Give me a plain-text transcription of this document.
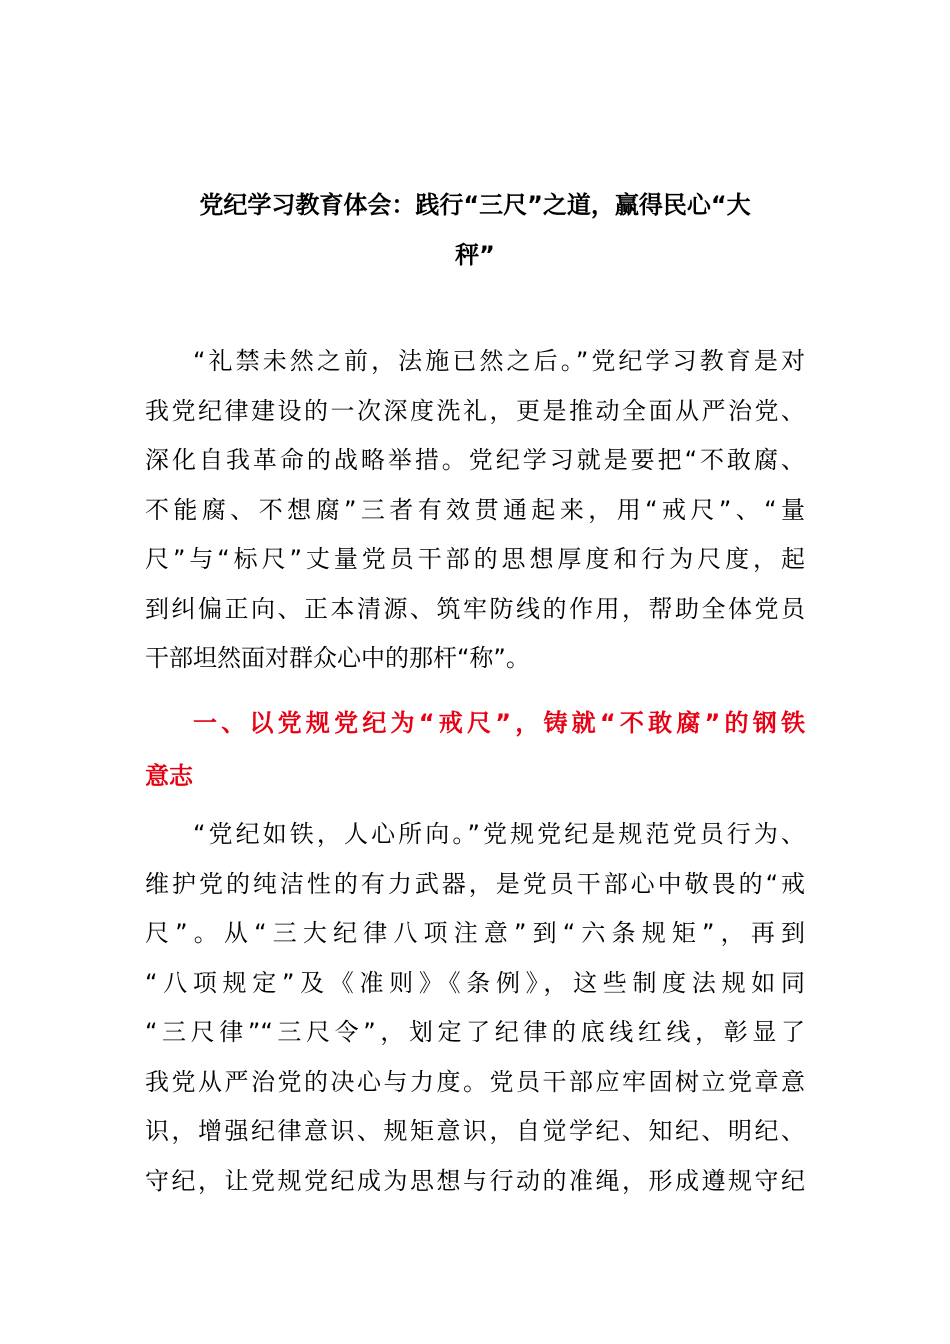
党纪学习教育体会：践行“三尺”之道，赢得民心“大
秤”
“礼禁未然之前，法施已然之后。”党纪学习教育是对
我党纪律建设的一次深度洗礼，更是推动全面从严治党、
深化自我革命的战略举措。党纪学习就是要把“不敢腐、
不能腐、不想腐”三者有效贯通起来，用“戒尺”、“量
尺”与“标尺”丈量党员干部的思想厚度和行为尺度，起
到纠偏正向、正本清源、筑牢防线的作用，帮助全体党员
干部坦然面对群众心中的那杆“称”。
一、以党规党纪为“戒尺”，铸就“不敢腐”的钢铁
意志
“党纪如铁，人心所向。”党规党纪是规范党员行为、
维护党的纯洁性的有力武器，是党员干部心中敬畏的“戒
尺”。从“三大纪律八项注意”到“六条规矩”，再到
“八项规定”及《准则》《条例》，这些制度法规如同
“三尺律”“三尺令”，划定了纪律的底线红线，彰显了
我党从严治党的决心与力度。党员干部应牢固树立党章意
识，增强纪律意识、规矩意识，自觉学纪、知纪、明纪、
守纪，让党规党纪成为思想与行动的准绳，形成遵规守纪
